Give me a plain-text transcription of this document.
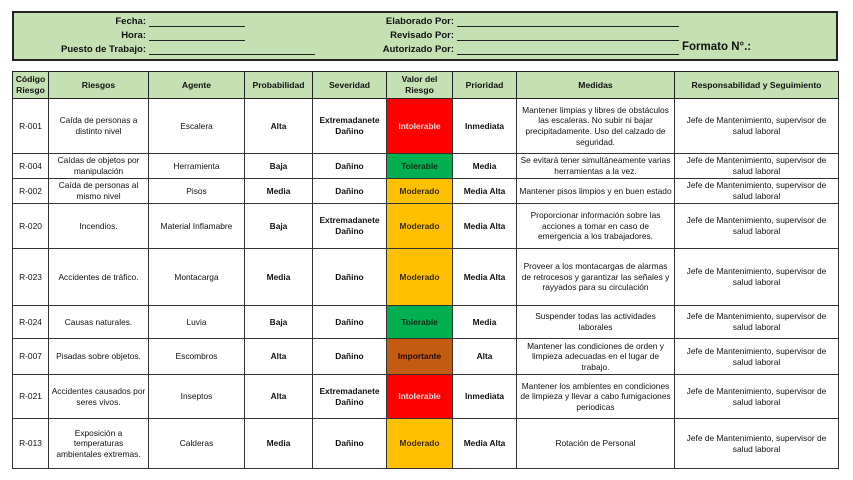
Fecha:
Hora:
Puesto de Trabajo:
Elaborado Por:
Revisado Por:
Autorizado Por:	Formato N°.:
Código Riesgo	Riesgos	Agente	Probabilidad	Severidad	Valor del Riesgo	Prioridad	Medidas	Responsabilidad y Seguimiento
R-001	Caída de personas a distinto nivel	Escalera	Alta	Extremadanete Dañino	Intolerable	Inmediata	Mantener limpias y libres de obstáculos las escaleras. No subir ni bajar precipitadamente. Uso del calzado de seguridad.	Jefe de Mantenimiento, supervisor de salud laboral
R-004	Caídas de objetos por manipulación	Herramienta	Baja	Dañino	Tolerable	Media	Se evitará tener simultáneamente varias herramientas a la vez.	Jefe de Mantenimiento, supervisor de salud laboral
R-002	Caída de personas al mismo nivel	Pisos	Media	Dañino	Moderado	Media Alta	Mantener pisos limpios y en buen estado	Jefe de Mantenimiento, supervisor de salud laboral
R-020	Incendios.	Material Inflamabre	Baja	Extremadanete Dañino	Moderado	Media Alta	Proporcionar información sobre las acciones a tomar en caso de emergencia a los trabajadores.	Jefe de Mantenimiento, supervisor de salud laboral
R-023	Accidentes de tráfico.	Montacarga	Media	Dañino	Moderado	Media Alta	Proveer a los montacargas de alarmas de retrocesos y garantizar las señales y rayyados para su circulación	Jefe de Mantenimiento, supervisor de salud laboral
R-024	Causas naturales.	Luvia	Baja	Dañino	Tolerable	Media	Suspender todas las actividades laborales	Jefe de Mantenimiento, supervisor de salud laboral
R-007	Pisadas sobre objetos.	Escombros	Alta	Dañino	Importante	Alta	Mantener las condiciones de orden y limpieza adecuadas en el lugar de trabajo.	Jefe de Mantenimiento, supervisor de salud laboral
R-021	Accidentes causados por seres vivos.	Inseptos	Alta	Extremadanete Dañino	Intolerable	Inmediata	Mantener los ambientes en condiciones de limpieza y llevar a cabo fumigaciones periodicas	Jefe de Mantenimiento, supervisor de salud laboral
R-013	Exposición a temperaturas ambientales extremas.	Calderas	Media	Dañino	Moderado	Media Alta	Rotación de Personal	Jefe de Mantenimiento, supervisor de salud laboral
